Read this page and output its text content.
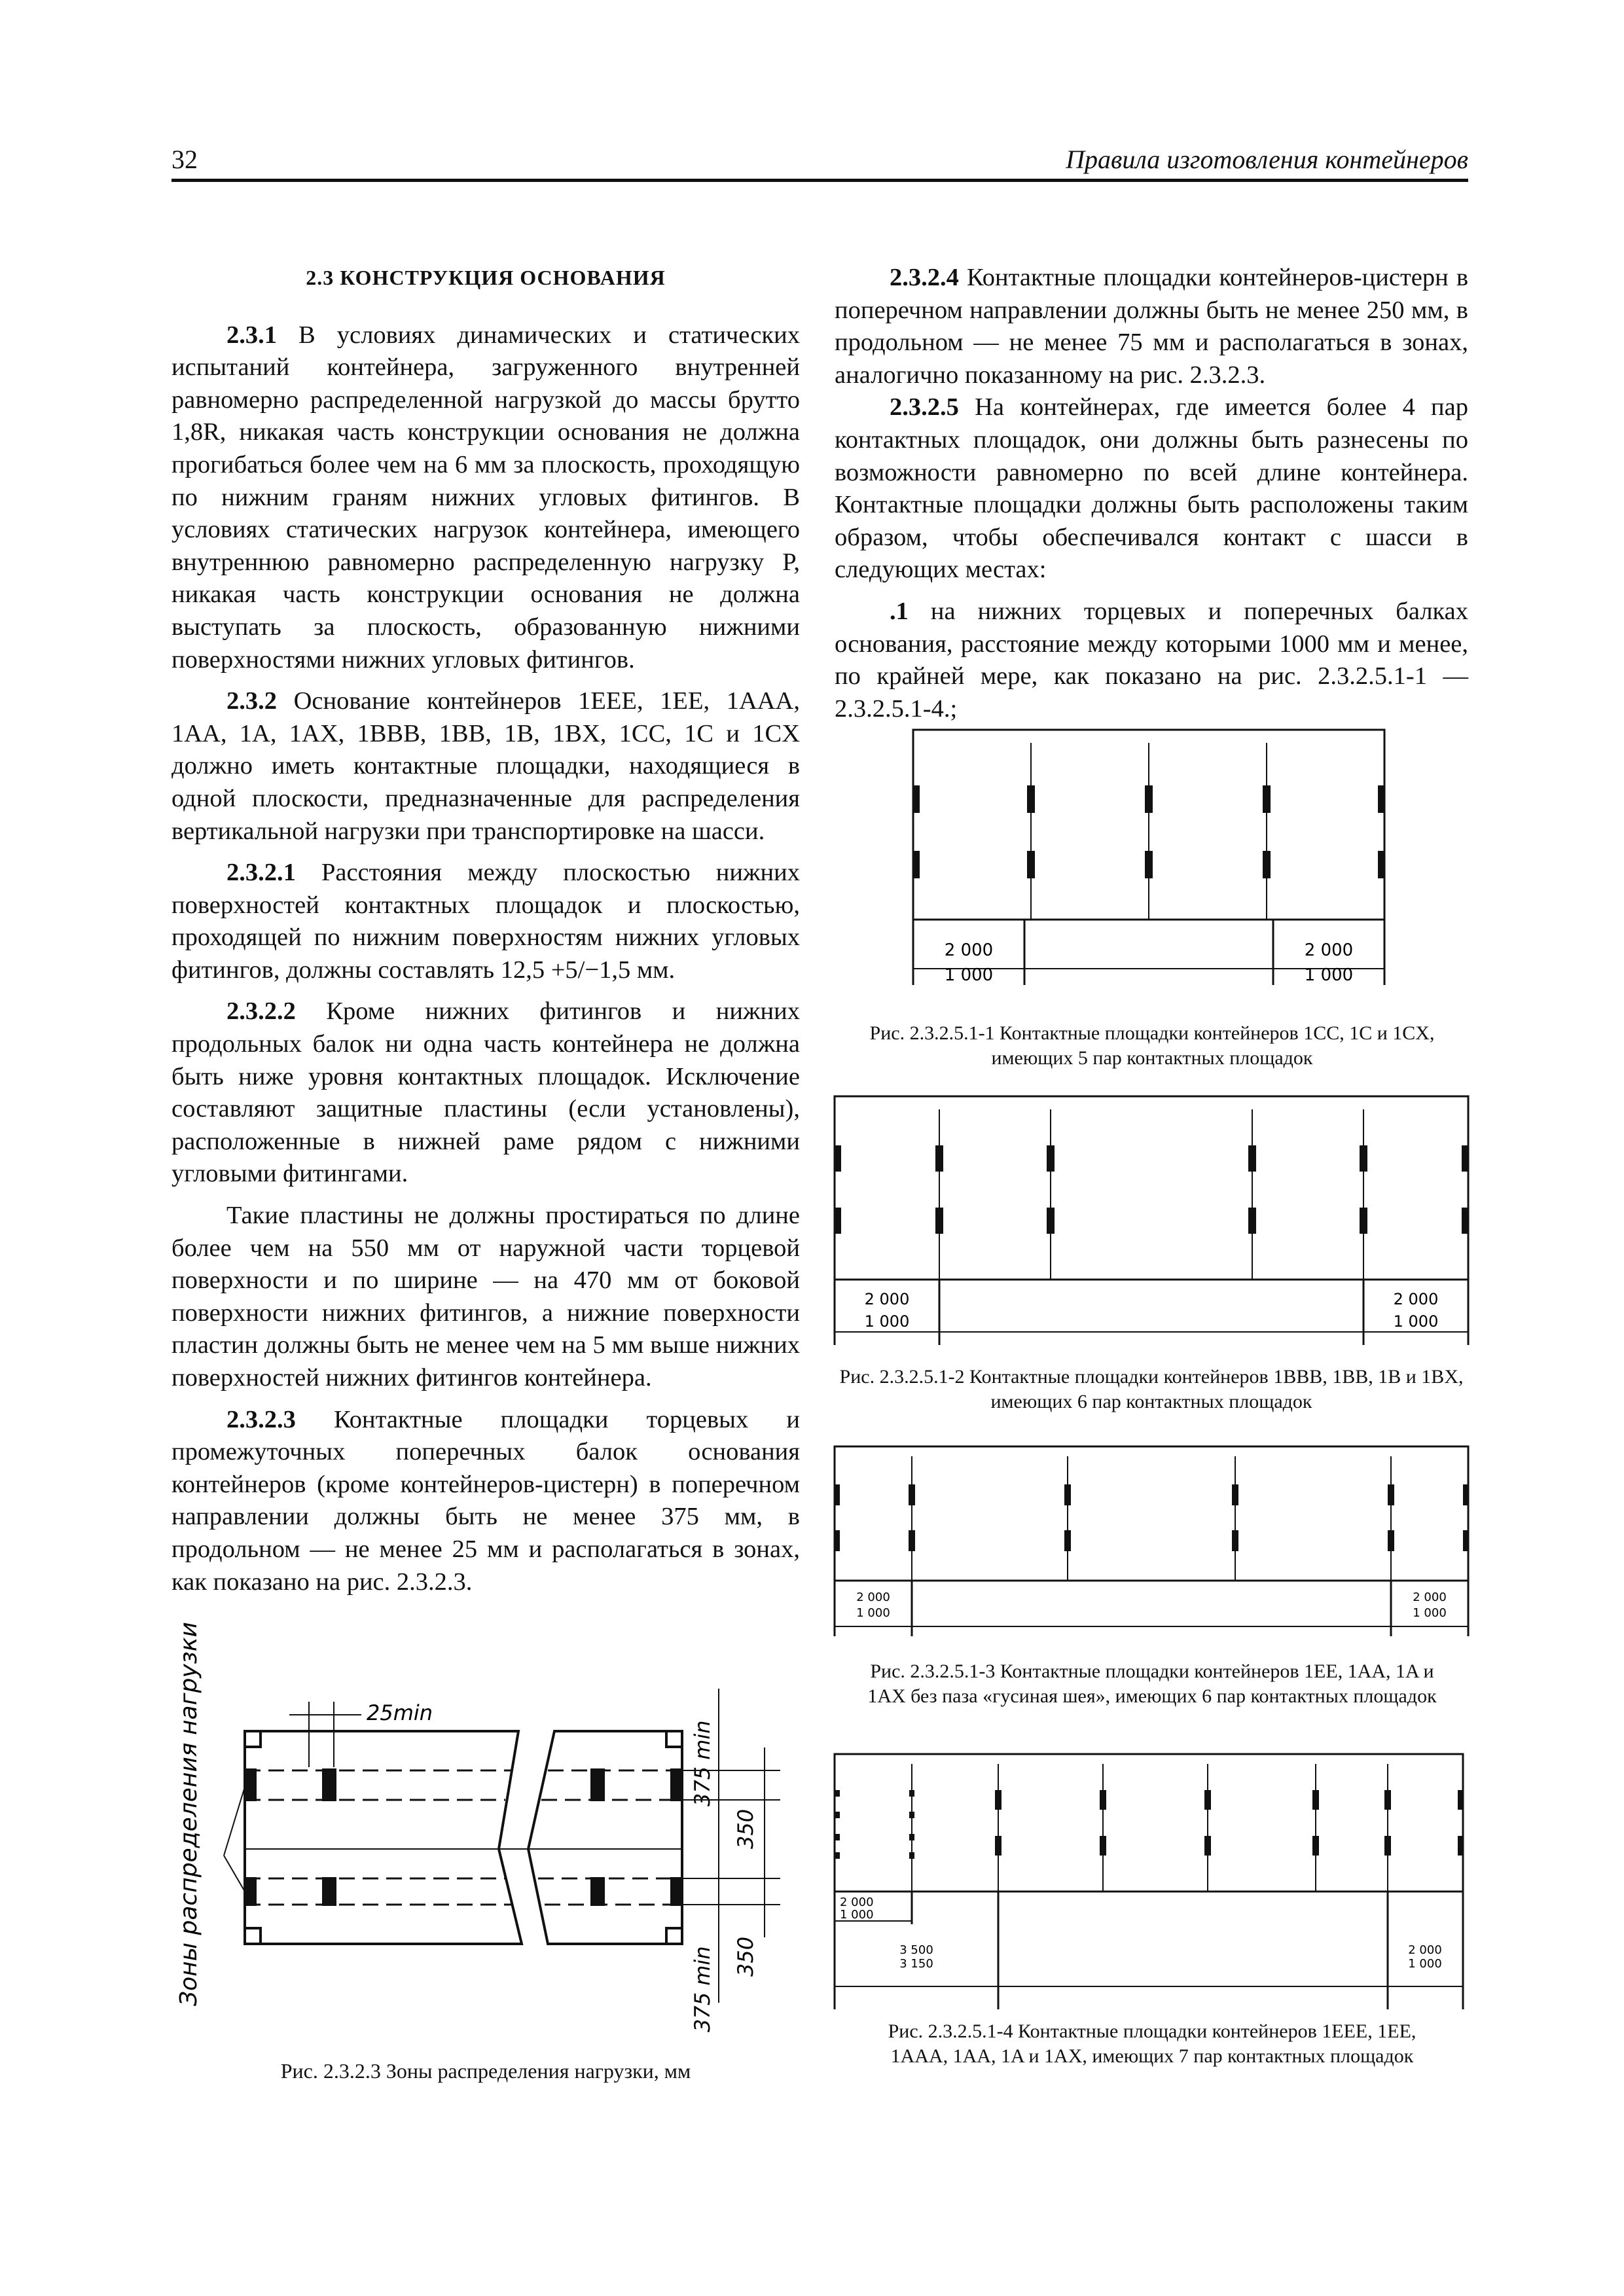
32	Правила изготовления контейнеров

2.3 КОНСТРУКЦИЯ ОСНОВАНИЯ

2.3.1 В условиях динамических и статических испытаний контейнера, загруженного внутренней равномерно распределенной нагрузкой до массы брутто 1,8R, никакая часть конструкции основания не должна прогибаться более чем на 6 мм за плоскость, проходящую по нижним граням нижних угловых фитингов. В условиях статических нагрузок контейнера, имеющего внутреннюю равномерно распределенную нагрузку P, никакая часть конструкции основания не должна выступать за плоскость, образованную нижними поверхностями нижних угловых фитингов.

2.3.2 Основание контейнеров 1EEE, 1EE, 1AAA, 1AA, 1A, 1AX, 1BBB, 1BB, 1B, 1BX, 1CC, 1C и 1CX должно иметь контактные площадки, находящиеся в одной плоскости, предназначенные для распределения вертикальной нагрузки при транспортировке на шасси.

2.3.2.1 Расстояния между плоскостью нижних поверхностей контактных площадок и плоскостью, проходящей по нижним поверхностям нижних угловых фитингов, должны составлять 12,5 +5/−1,5 мм.

2.3.2.2 Кроме нижних фитингов и нижних продольных балок ни одна часть контейнера не должна быть ниже уровня контактных площадок. Исключение составляют защитные пластины (если установлены), расположенные в нижней раме рядом с нижними угловыми фитингами.

Такие пластины не должны простираться по длине более чем на 550 мм от наружной части торцевой поверхности и по ширине — на 470 мм от боковой поверхности нижних фитингов, а нижние поверхности пластин должны быть не менее чем на 5 мм выше нижних поверхностей нижних фитингов контейнера.

2.3.2.3 Контактные площадки торцевых и промежуточных поперечных балок основания контейнеров (кроме контейнеров-цистерн) в поперечном направлении должны быть не менее 375 мм, в продольном — не менее 25 мм и располагаться в зонах, как показано на рис. 2.3.2.3.

2.3.2.4 Контактные площадки контейнеров-цистерн в поперечном направлении должны быть не менее 250 мм, в продольном — не менее 75 мм и располагаться в зонах, аналогично показанному на рис. 2.3.2.3.

2.3.2.5 На контейнерах, где имеется более 4 пар контактных площадок, они должны быть разнесены по возможности равномерно по всей длине контейнера. Контактные площадки должны быть расположены таким образом, чтобы обеспечивался контакт с шасси в следующих местах:

.1 на нижних торцевых и поперечных балках основания, расстояние между которыми 1000 мм и менее, по крайней мере, как показано на рис. 2.3.2.5.1-1 — 2.3.2.5.1-4.;

2 000
1 000
2 000
1 000
Рис. 2.3.2.5.1-1 Контактные площадки контейнеров 1CC, 1C и 1CX, имеющих 5 пар контактных площадок
2 000
1 000
2 000
1 000
Рис. 2.3.2.5.1-2 Контактные площадки контейнеров 1BBB, 1BB, 1B и 1BX, имеющих 6 пар контактных площадок
2 000
1 000
2 000
1 000
Рис. 2.3.2.5.1-3 Контактные площадки контейнеров 1EE, 1AA, 1A и 1AX без паза «гусиная шея», имеющих 6 пар контактных площадок
2 000
1 000
3 500
3 150
2 000
1 000
Рис. 2.3.2.5.1-4 Контактные площадки контейнеров 1EEE, 1EE, 1AAA, 1AA, 1A и 1AX, имеющих 7 пар контактных площадок
Зоны распределения нагрузки	25min
375 min
350
375 min 350
Рис. 2.3.2.3 Зоны распределения нагрузки, мм
